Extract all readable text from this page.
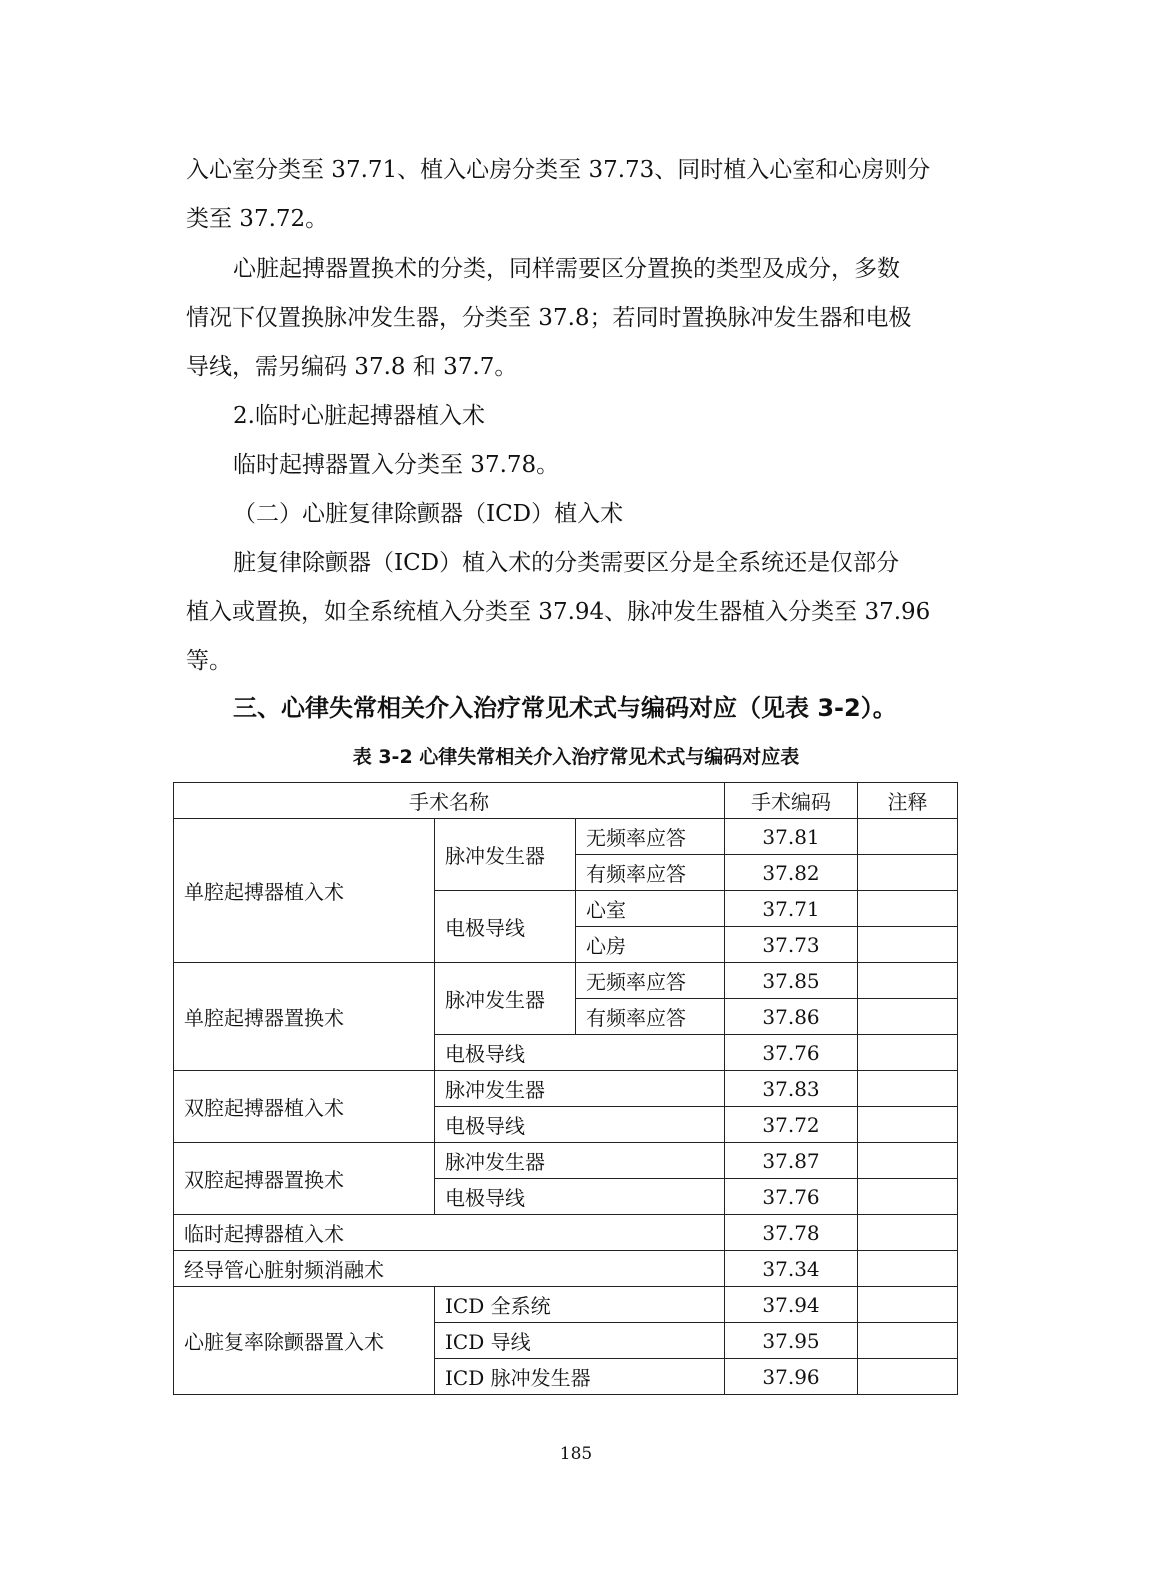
入心室分类至 37.71、植入心房分类至 37.73、同时植入心室和心房则分
类至 37.72。
心脏起搏器置换术的分类，同样需要区分置换的类型及成分，多数
情况下仅置换脉冲发生器，分类至 37.8；若同时置换脉冲发生器和电极
导线，需另编码 37.8 和 37.7。
2.临时心脏起搏器植入术
临时起搏器置入分类至 37.78。
（二）心脏复律除颤器（ICD）植入术
脏复律除颤器（ICD）植入术的分类需要区分是全系统还是仅部分
植入或置换，如全系统植入分类至 37.94、脉冲发生器植入分类至 37.96
等。
三、心律失常相关介入治疗常见术式与编码对应（见表 3-2）。
表 3-2 心律失常相关介入治疗常见术式与编码对应表
手术名称			手术编码	注释
单腔起搏器植入术	脉冲发生器	无频率应答	37.81	
		有频率应答	37.82	
	电极导线	心室	37.71	
		心房	37.73	
单腔起搏器置换术	脉冲发生器	无频率应答	37.85	
		有频率应答	37.86	
	电极导线		37.76	
双腔起搏器植入术	脉冲发生器		37.83	
	电极导线		37.72	
双腔起搏器置换术	脉冲发生器		37.87	
	电极导线		37.76	
临时起搏器植入术			37.78	
经导管心脏射频消融术			37.34	
心脏复率除颤器置入术	ICD 全系统		37.94	
	ICD 导线		37.95	
	ICD 脉冲发生器		37.96	
185
